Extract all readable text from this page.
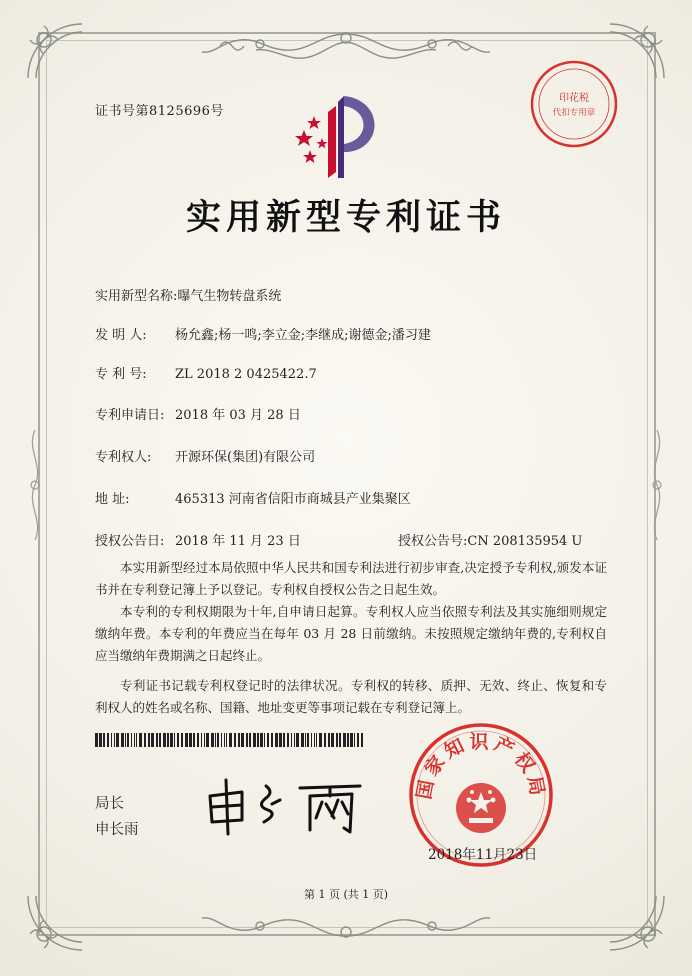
证书号第8125696号
印花税
代扣专用章
实用新型专利证书
实用新型名称:曝气生物转盘系统
发 明 人: 杨允鑫;杨一鸣;李立金;李继成;谢德金;潘习建
专 利 号: ZL 2018 2 0425422.7
专利申请日: 2018 年 03 月 28 日
专利权人: 开源环保(集团)有限公司
地 址:	465313 河南省信阳市商城县产业集聚区
授权公告日: 2018 年 11 月 23 日	授权公告号:CN 208135954 U

本实用新型经过本局依照中华人民共和国专利法进行初步审查,决定授予专利权,颁发本证书并在专利登记簿上予以登记。专利权自授权公告之日起生效。

本专利的专利权期限为十年,自申请日起算。专利权人应当依照专利法及其实施细则规定缴纳年费。本专利的年费应当在每年 03 月 28 日前缴纳。未按照规定缴纳年费的,专利权自应当缴纳年费期满之日起终止。

专利证书记载专利权登记时的法律状况。专利权的转移、质押、无效、终止、恢复和专利权人的姓名或名称、国籍、地址变更等事项记载在专利登记簿上。

局长
申长雨
国家知识产权局
2018年11月23日
第 1 页 (共 1 页)
